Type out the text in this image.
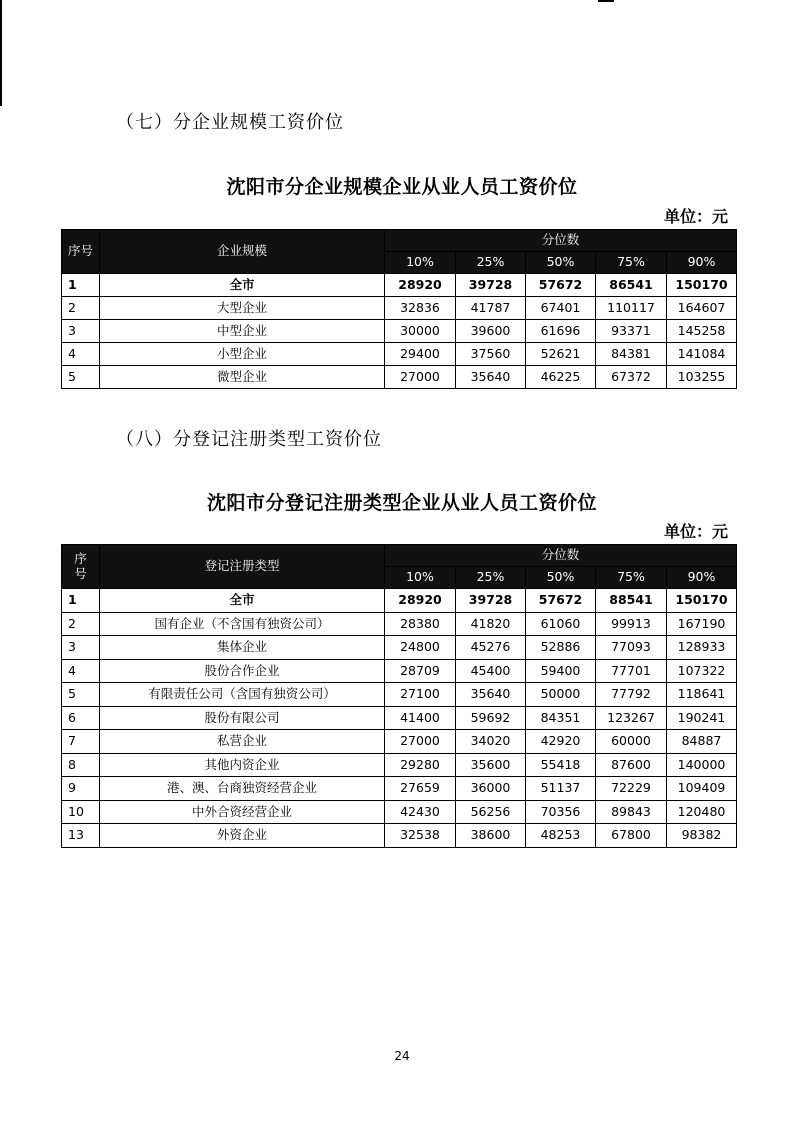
（七）分企业规模工资价位
沈阳市分企业规模企业从业人员工资价位
单位：元
序号	企业规模	分位数				
		10%	25%	50%	75%	90%
1	全市	28920	39728	57672	86541	150170
2	大型企业	32836	41787	67401	110117	164607
3	中型企业	30000	39600	61696	93371	145258
4	小型企业	29400	37560	52621	84381	141084
5	微型企业	27000	35640	46225	67372	103255
（八）分登记注册类型工资价位
沈阳市分登记注册类型企业从业人员工资价位
单位：元
序
号	登记注册类型	分位数				
		10%	25%	50%	75%	90%
1	全市	28920	39728	57672	88541	150170
2	国有企业（不含国有独资公司）	28380	41820	61060	99913	167190
3	集体企业	24800	45276	52886	77093	128933
4	股份合作企业	28709	45400	59400	77701	107322
5	有限责任公司（含国有独资公司）	27100	35640	50000	77792	118641
6	股份有限公司	41400	59692	84351	123267	190241
7	私营企业	27000	34020	42920	60000	84887
8	其他内资企业	29280	35600	55418	87600	140000
9	港、澳、台商独资经营企业	27659	36000	51137	72229	109409
10	中外合资经营企业	42430	56256	70356	89843	120480
13	外资企业	32538	38600	48253	67800	98382
24
